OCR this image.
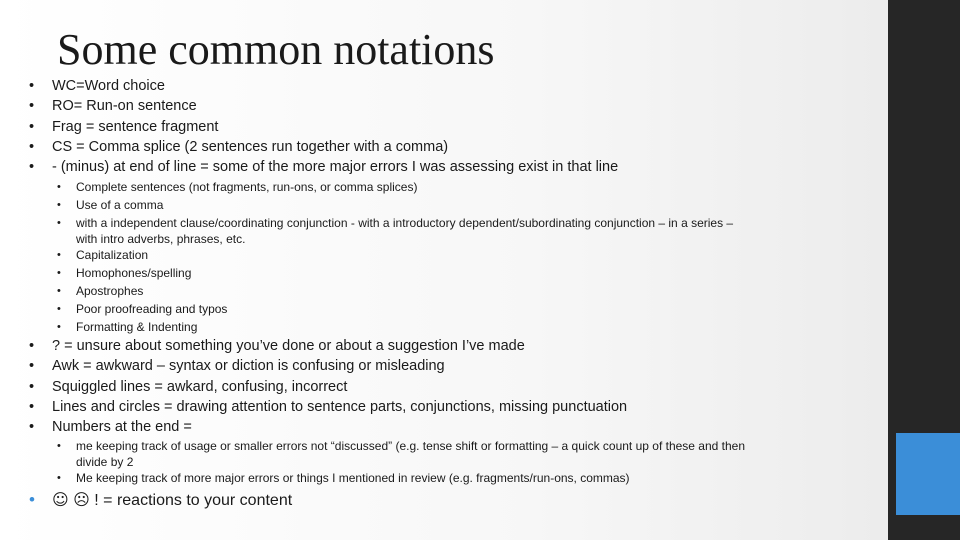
Some common notations
• WC=Word choice
• RO= Run-on sentence
• Frag = sentence fragment
• CS = Comma splice (2 sentences run together with a comma)
• - (minus) at end of line = some of the more major errors I was assessing exist in that line
• Complete sentences (not fragments, run-ons, or comma splices)
• Use of a comma
• with a independent clause/coordinating conjunction - with a introductory dependent/subordinating conjunction – in a series –
with intro adverbs, phrases, etc.
• Capitalization
• Homophones/spelling
• Apostrophes
• Poor proofreading and typos
• Formatting & Indenting
• ? = unsure about something you’ve done or about a suggestion I’ve made
• Awk = awkward – syntax or diction is confusing or misleading
• Squiggled lines = awkard, confusing, incorrect
• Lines and circles = drawing attention to sentence parts, conjunctions, missing punctuation
• Numbers at the end =
• me keeping track of usage or smaller errors not “discussed” (e.g. tense shift or formatting – a quick count up of these and then
divide by 2
• Me keeping track of more major errors or things I mentioned in review (e.g. fragments/run-ons, commas)
• ☺ ☹ ! = reactions to your content
